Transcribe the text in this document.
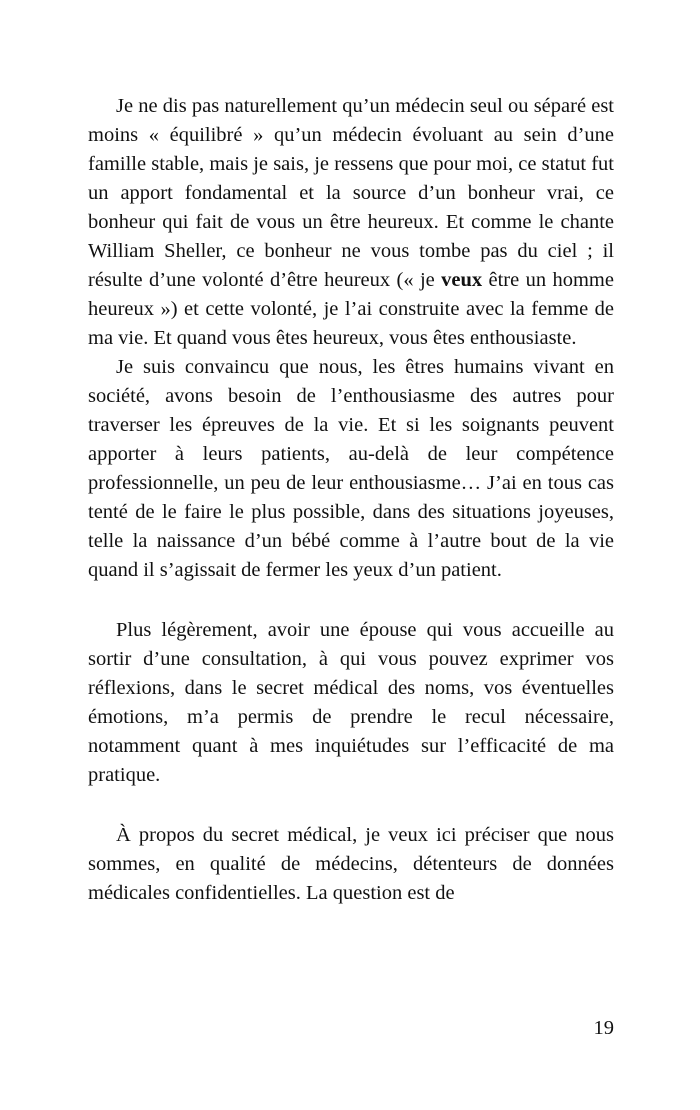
Je ne dis pas naturellement qu’un médecin seul ou séparé est moins « équilibré » qu’un médecin évoluant au sein d’une famille stable, mais je sais, je ressens que pour moi, ce statut fut un apport fondamental et la source d’un bonheur vrai, ce bonheur qui fait de vous un être heureux. Et comme le chante William Sheller, ce bonheur ne vous tombe pas du ciel ; il résulte d’une volonté d’être heureux (« je veux être un homme heureux ») et cette volonté, je l’ai construite avec la femme de ma vie. Et quand vous êtes heureux, vous êtes enthousiaste.

Je suis convaincu que nous, les êtres humains vivant en société, avons besoin de l’enthousiasme des autres pour traverser les épreuves de la vie. Et si les soignants peuvent apporter à leurs patients, au-delà de leur compétence professionnelle, un peu de leur enthousiasme… J’ai en tous cas tenté de le faire le plus possible, dans des situations joyeuses, telle la naissance d’un bébé comme à l’autre bout de la vie quand il s’agissait de fermer les yeux d’un patient.

Plus légèrement, avoir une épouse qui vous accueille au sortir d’une consultation, à qui vous pouvez exprimer vos réflexions, dans le secret médical des noms, vos éventuelles émotions, m’a permis de prendre le recul nécessaire, notamment quant à mes inquiétudes sur l’efficacité de ma pratique.

À propos du secret médical, je veux ici préciser que nous sommes, en qualité de médecins, détenteurs de données médicales confidentielles. La question est de

19
